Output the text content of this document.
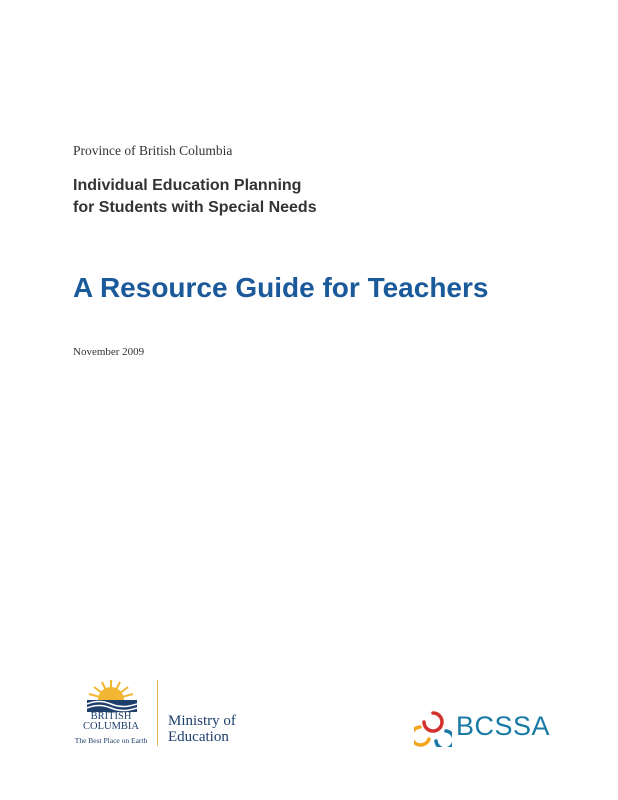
Province of British Columbia
Individual Education Planning
for Students with Special Needs
A Resource Guide for Teachers
November 2009
BRITISH
COLUMBIA
The Best Place on Earth
Ministry of
Education	BCSSA
